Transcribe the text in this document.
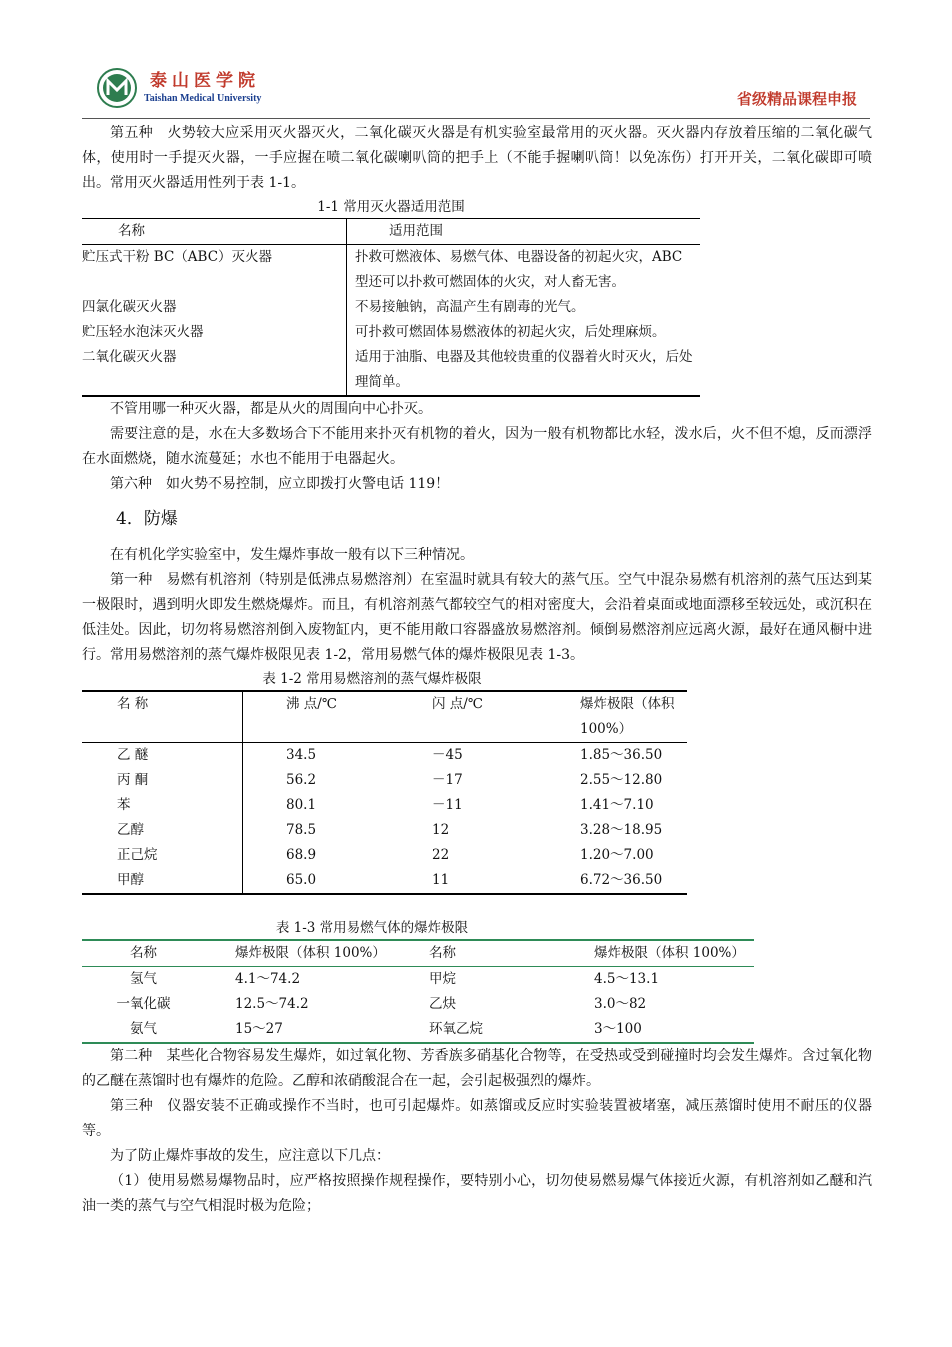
泰山医学院
Taishan Medical University	省级精品课程申报

第五种　火势较大应采用灭火器灭火，二氧化碳灭火器是有机实验室最常用的灭火器。灭火器内存放着压缩的二氧化碳气体，使用时一手提灭火器，一手应握在喷二氧化碳喇叭筒的把手上（不能手握喇叭筒！以免冻伤）打开开关，二氧化碳即可喷出。常用灭火器适用性列于表 1-1。

1-1 常用灭火器适用范围
名称	适用范围
贮压式干粉 BC（ABC）灭火器	扑救可燃液体、易燃气体、电器设备的初起火灾，ABC 型还可以扑救可燃固体的火灾，对人畜无害。
四氯化碳灭火器	不易接触钠，高温产生有剧毒的光气。
贮压轻水泡沫灭火器	可扑救可燃固体易燃液体的初起火灾，后处理麻烦。
二氧化碳灭火器	适用于油脂、电器及其他较贵重的仪器着火时灭火，后处理简单。

不管用哪一种灭火器，都是从火的周围向中心扑灭。

需要注意的是，水在大多数场合下不能用来扑灭有机物的着火，因为一般有机物都比水轻，泼水后，火不但不熄，反而漂浮在水面燃烧，随水流蔓延；水也不能用于电器起火。

第六种　如火势不易控制，应立即拨打火警电话 119！

4．防爆

在有机化学实验室中，发生爆炸事故一般有以下三种情况。

第一种　易燃有机溶剂（特别是低沸点易燃溶剂）在室温时就具有较大的蒸气压。空气中混杂易燃有机溶剂的蒸气压达到某一极限时，遇到明火即发生燃烧爆炸。而且，有机溶剂蒸气都较空气的相对密度大，会沿着桌面或地面漂移至较远处，或沉积在低洼处。因此，切勿将易燃溶剂倒入废物缸内，更不能用敞口容器盛放易燃溶剂。倾倒易燃溶剂应远离火源，最好在通风橱中进行。常用易燃溶剂的蒸气爆炸极限见表 1-2，常用易燃气体的爆炸极限见表 1-3。

表 1-2 常用易燃溶剂的蒸气爆炸极限
名 称	沸 点/℃	闪 点/℃	爆炸极限（体积 100%）
乙 醚	34.5	－45	1.85～36.50
丙 酮	56.2	－17	2.55～12.80
苯	80.1	－11	1.41～7.10
乙醇	78.5	12	3.28～18.95
正己烷	68.9	22	1.20～7.00
甲醇	65.0	11	6.72～36.50
表 1-3 常用易燃气体的爆炸极限
名称	爆炸极限（体积 100%）	名称	爆炸极限（体积 100%）
氢气	4.1～74.2	甲烷	4.5～13.1
一氧化碳	12.5～74.2	乙炔	3.0～82
氨气	15～27	环氧乙烷	3～100

第二种　某些化合物容易发生爆炸，如过氧化物、芳香族多硝基化合物等，在受热或受到碰撞时均会发生爆炸。含过氧化物的乙醚在蒸馏时也有爆炸的危险。乙醇和浓硝酸混合在一起，会引起极强烈的爆炸。

第三种　仪器安装不正确或操作不当时，也可引起爆炸。如蒸馏或反应时实验装置被堵塞，减压蒸馏时使用不耐压的仪器等。

为了防止爆炸事故的发生，应注意以下几点：

（1）使用易燃易爆物品时，应严格按照操作规程操作，要特别小心，切勿使易燃易爆气体接近火源，有机溶剂如乙醚和汽油一类的蒸气与空气相混时极为危险；
